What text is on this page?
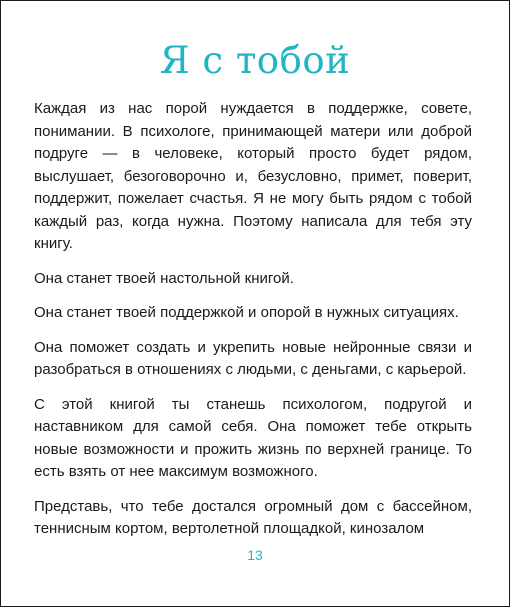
Я с тобой

Каждая из нас порой нуждается в поддержке, совете, понимании. В психологе, принимающей матери или доброй подруге — в человеке, который просто будет рядом, выслушает, безоговорочно и, безусловно, примет, поверит, поддержит, пожелает счастья. Я не могу быть рядом с тобой каждый раз, когда нужна. Поэтому написала для тебя эту книгу.

Она станет твоей настольной книгой.

Она станет твоей поддержкой и опорой в нужных ситуациях.

Она поможет создать и укрепить новые нейронные связи и разобраться в отношениях с людьми, с деньгами, с карьерой.

С этой книгой ты станешь психологом, подругой и наставником для самой себя. Она поможет тебе открыть новые возможности и прожить жизнь по верхней границе. То есть взять от нее максимум возможного.

Представь, что тебе достался огромный дом с бассейном, теннисным кортом, вертолетной площадкой, кинозалом

13
